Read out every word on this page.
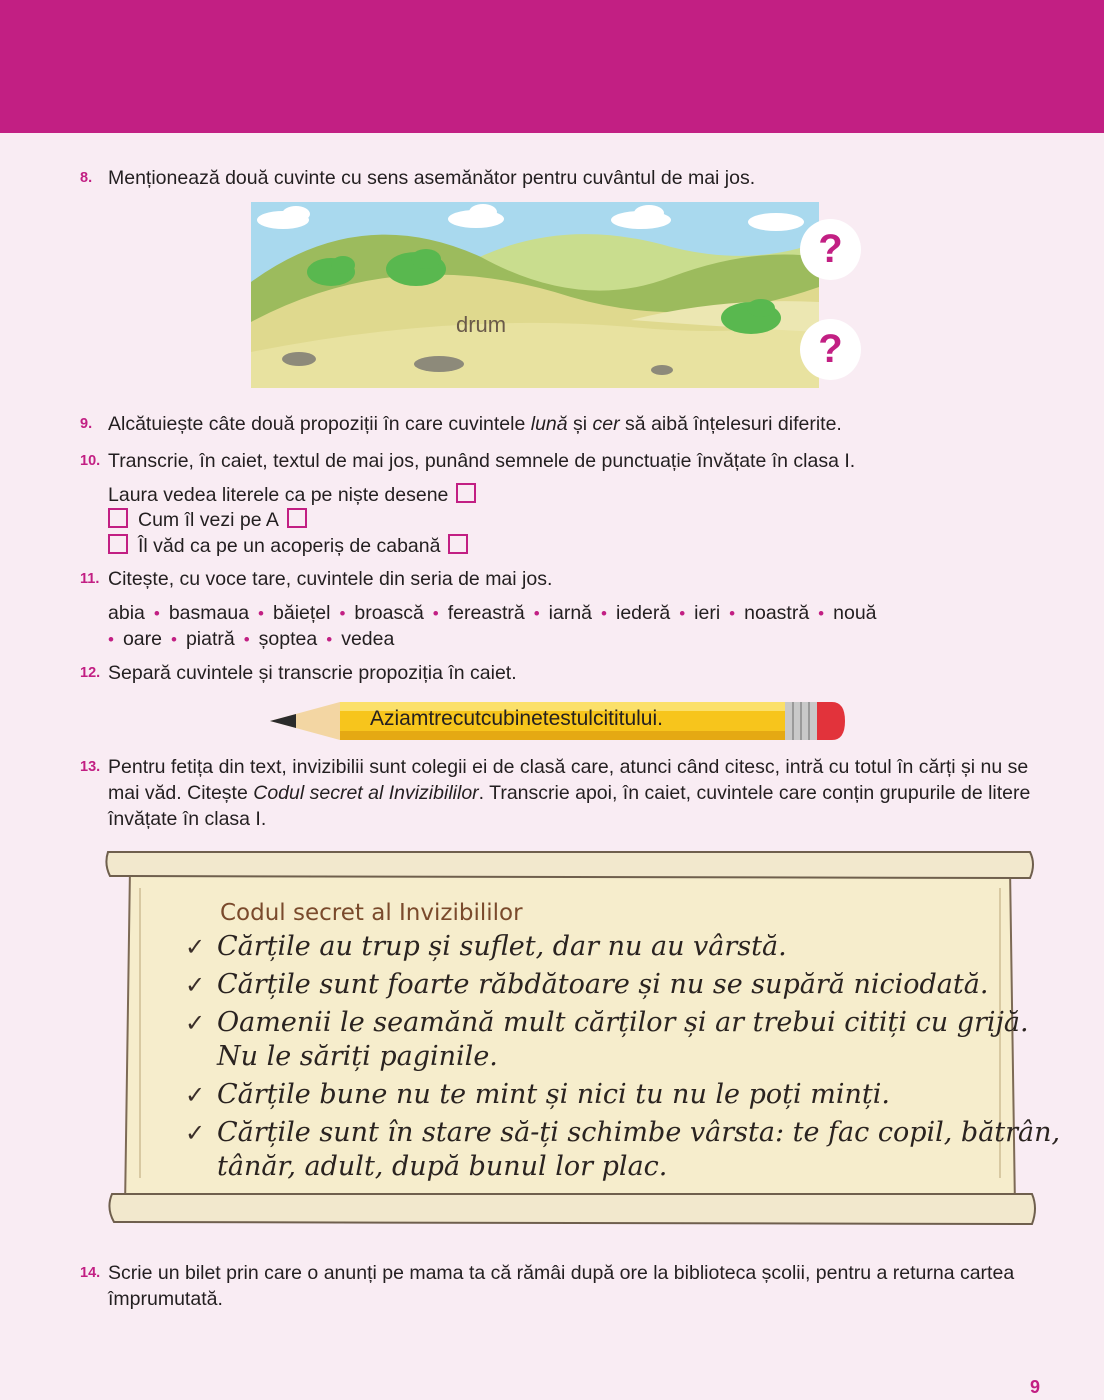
8. Menționează două cuvinte cu sens asemănător pentru cuvântul de mai jos.
drum
?
?
9. Alcătuiește câte două propoziții în care cuvintele lună și cer să aibă înțelesuri diferite.
10. Transcrie, în caiet, textul de mai jos, punând semnele de punctuație învățate în clasa I.
Laura vedea literele ca pe niște desene
Cum îl vezi pe A
Îl văd ca pe un acoperiș de cabană
11. Citește, cu voce tare, cuvintele din seria de mai jos.
abia • basmaua • băiețel • broască • fereastră • iarnă • iederă • ieri • noastră • nouă
• oare • piatră • șoptea • vedea
12. Separă cuvintele și transcrie propoziția în caiet.
Aziamtrecutcubinetestulcititului.
13. Pentru fetița din text, invizibilii sunt colegii ei de clasă care, atunci când citesc, intră cu totul în cărți și nu se mai văd. Citește Codul secret al Invizibililor. Transcrie apoi, în caiet, cuvintele care conțin grupurile de litere învățate în clasa I.
Codul secret al Invizibililor
✓ Cărțile au trup și suflet, dar nu au vârstă.
✓ Cărțile sunt foarte răbdătoare și nu se supără niciodată.
✓ Oamenii le seamănă mult cărților și ar trebui citiți cu grijă.
Nu le săriți paginile.
✓ Cărțile bune nu te mint și nici tu nu le poți minți.
✓ Cărțile sunt în stare să-ți schimbe vârsta: te fac copil, bătrân,
tânăr, adult, după bunul lor plac.
14. Scrie un bilet prin care o anunți pe mama ta că rămâi după ore la biblioteca școlii, pentru a returna cartea împrumutată.
9
